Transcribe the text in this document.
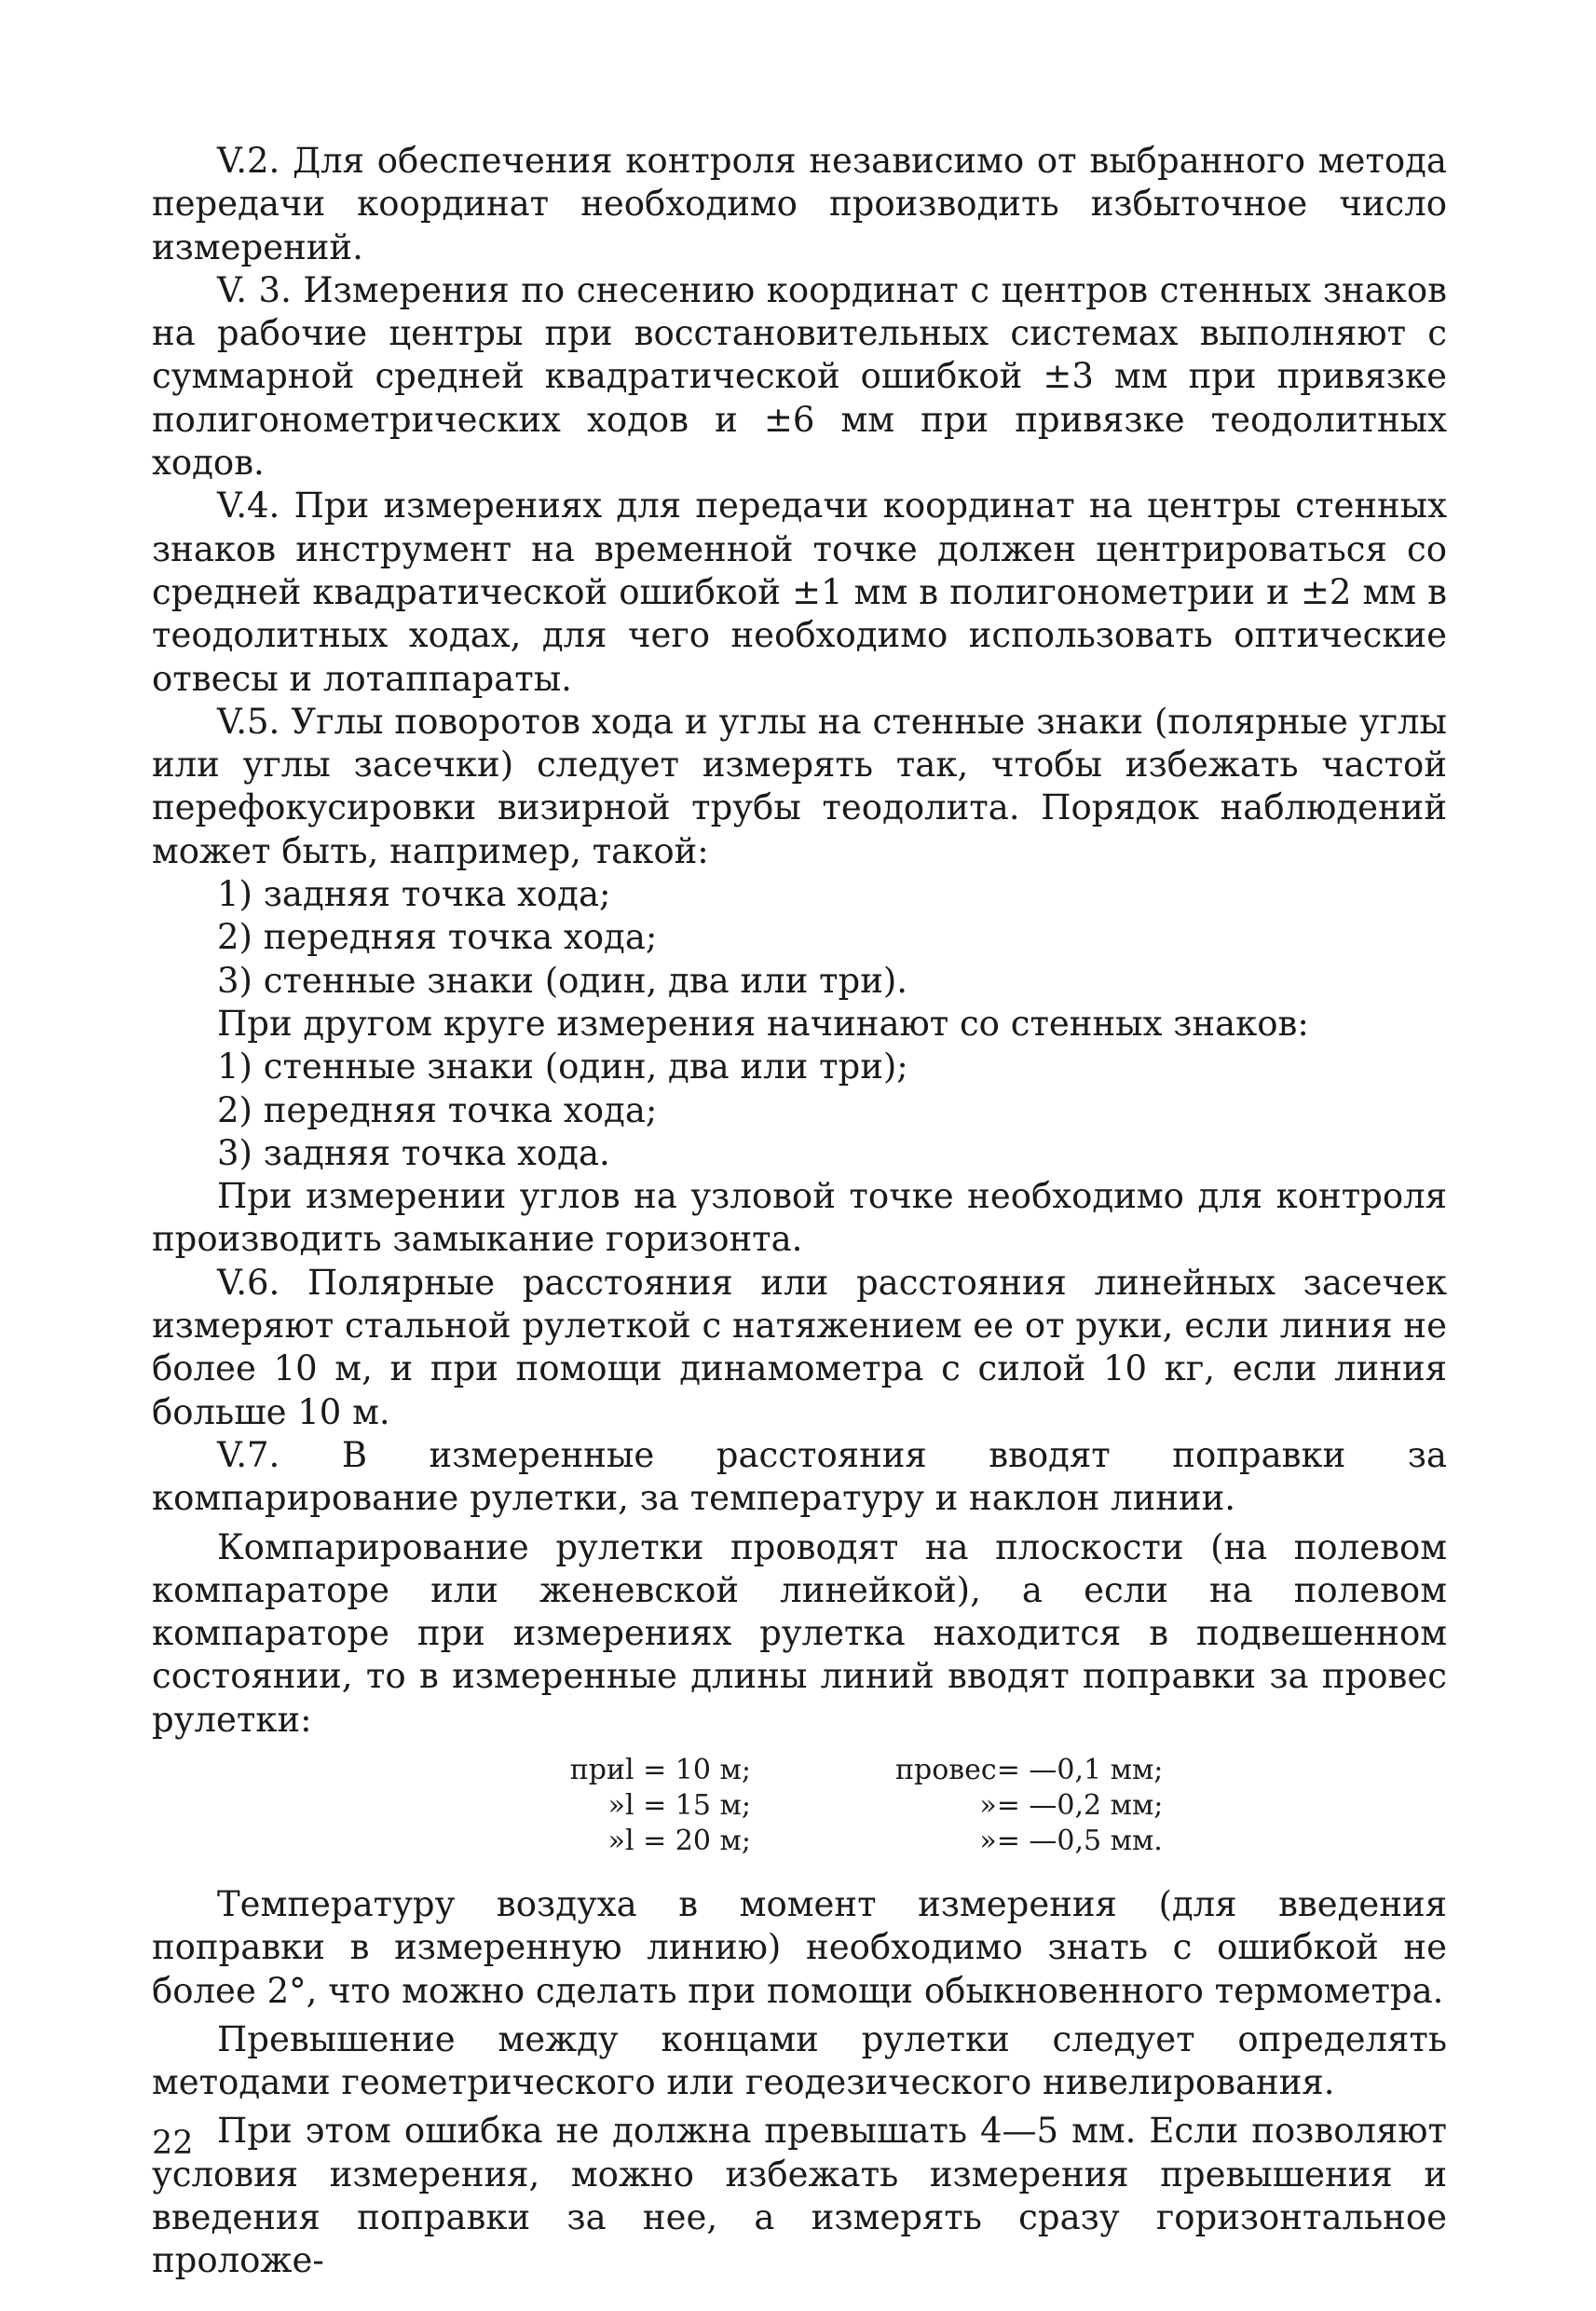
V.2. Для обеспечения контроля независимо от выбранного метода передачи координат необходимо производить избыточное число измерений.

V. 3. Измерения по снесению координат с центров стенных знаков на рабочие центры при восстановительных системах выполняют с суммарной средней квадратической ошибкой ±3 мм при привязке полигонометрических ходов и ±6 мм при привязке теодолитных ходов.

V.4. При измерениях для передачи координат на центры стенных знаков инструмент на временной точке должен центрироваться со средней квадратической ошибкой ±1 мм в полигонометрии и ±2 мм в теодолитных ходах, для чего необходимо использовать оптические отвесы и лотаппараты.

V.5. Углы поворотов хода и углы на стенные знаки (полярные углы или углы засечки) следует измерять так, чтобы избежать частой перефокусировки визирной трубы теодолита. Порядок наблюдений может быть, например, такой:

1) задняя точка хода;

2) передняя точка хода;

3) стенные знаки (один, два или три).

При другом круге измерения начинают со стенных знаков:

1) стенные знаки (один, два или три);

2) передняя точка хода;

3) задняя точка хода.

При измерении углов на узловой точке необходимо для контроля производить замыкание горизонта.

V.6. Полярные расстояния или расстояния линейных засечек измеряют стальной рулеткой с натяжением ее от руки, если линия не более 10 м, и при помощи динамометра с силой 10 кг, если линия больше 10 м.

V.7. В измеренные расстояния вводят поправки за компарирование рулетки, за температуру и наклон линии.

Компарирование рулетки проводят на плоскости (на полевом компараторе или женевской линейкой), а если на полевом компараторе при измерениях рулетка находится в подвешенном состоянии, то в измеренные длины линий вводят поправки за провес рулетки:

при	l = 10 м;	провес	= —0,1 мм;
»	l = 15 м;	»	= —0,2 мм;
»	l = 20 м;	»	= —0,5 мм.

Температуру воздуха в момент измерения (для введения поправки в измеренную линию) необходимо знать с ошибкой не более 2°, что можно сделать при помощи обыкновенного термометра.

Превышение между концами рулетки следует определять методами геометрического или геодезического нивелирования.

При этом ошибка не должна превышать 4—5 мм. Если позволяют условия измерения, можно избежать измерения превышения и введения поправки за нее, а измерять сразу горизонтальное проложе-

22
